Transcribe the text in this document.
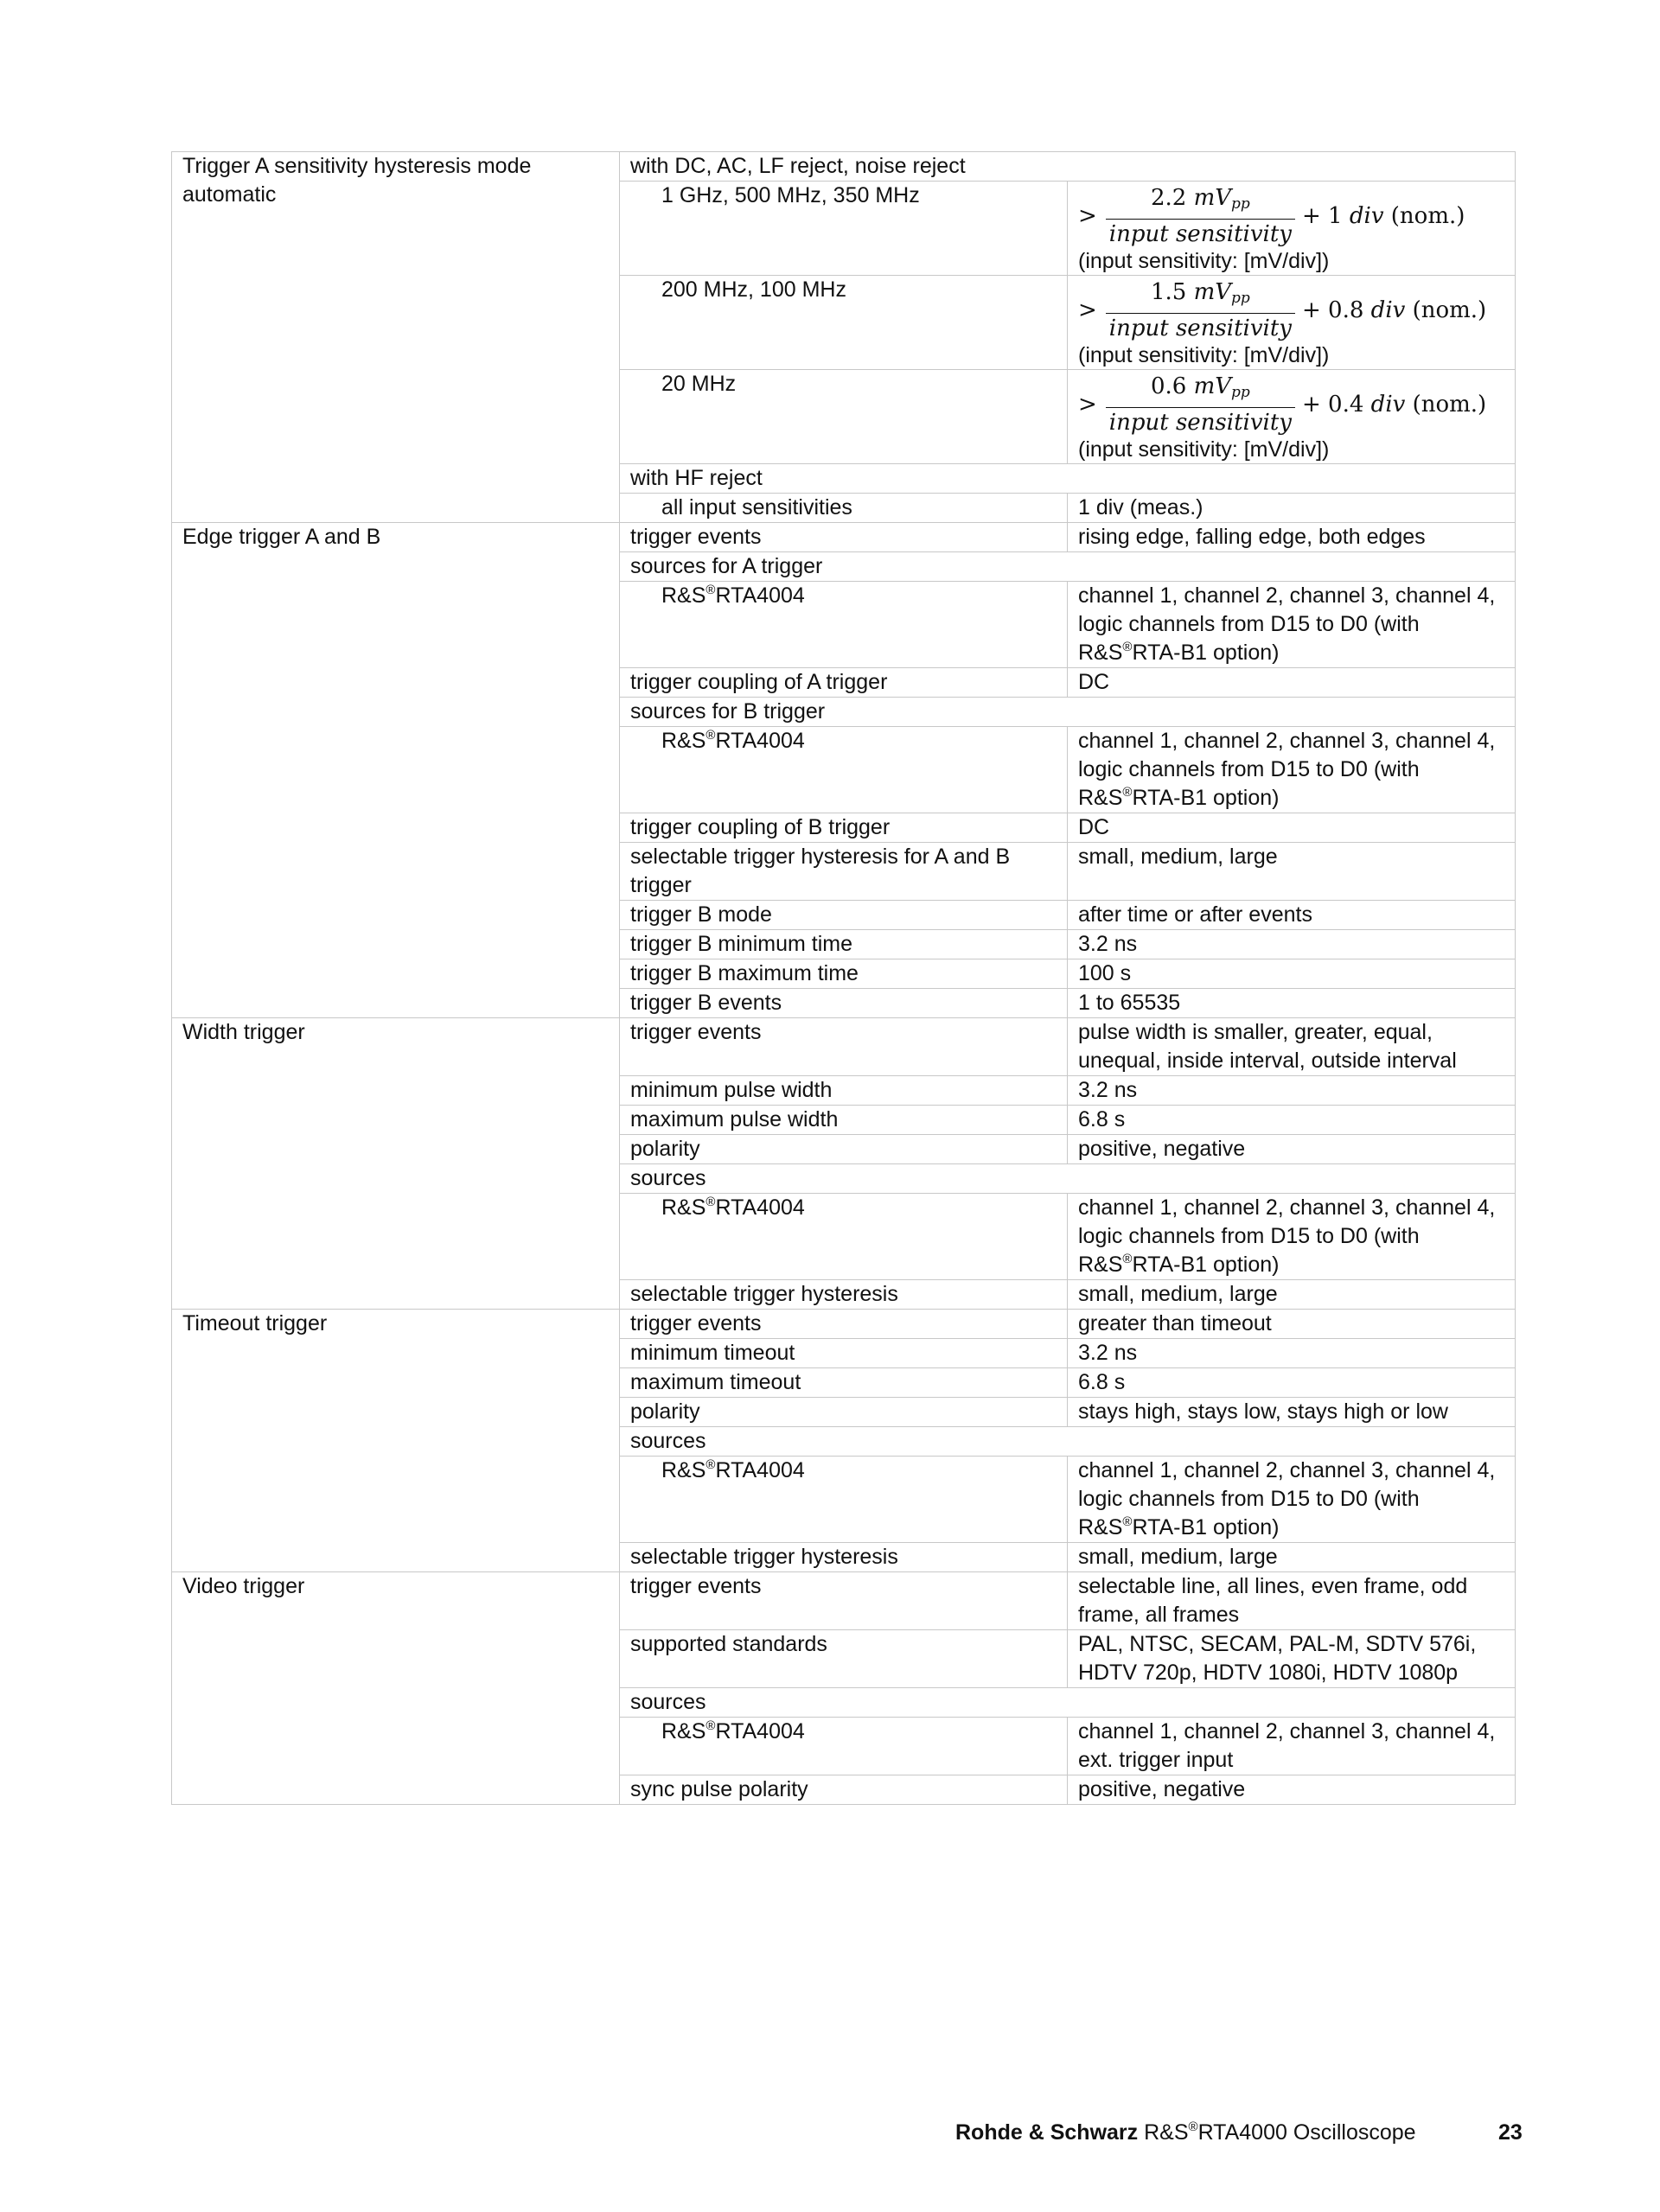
Trigger A sensitivity hysteresis mode automatic	with DC, AC, LF reject, noise reject	
	1 GHz, 500 MHz, 350 MHz	> $\frac{2.2 mV_{pp}}{\text{input sensitivity}} + 1$ div (nom.)
(input sensitivity: [mV/div])

	200 MHz, 100 MHz	> $\frac{1.5 mV_{pp}}{\text{input sensitivity}} + 0.8$ div (nom.)
(input sensitivity: [mV/div])

	20 MHz	> $\frac{0.6 mV_{pp}}{\text{input sensitivity}} + 0.4$ div (nom.)
(input sensitivity: [mV/div])

	with HF reject	
	all input sensitivities	1 div (meas.)
Edge trigger A and B	trigger events	rising edge, falling edge, both edges
	sources for A trigger	
	R&S®RTA4004	channel 1, channel 2, channel 3, channel 4, logic channels from D15 to D0 (with R&S®RTA-B1 option)
	trigger coupling of A trigger	DC
	sources for B trigger	
	R&S®RTA4004	channel 1, channel 2, channel 3, channel 4, logic channels from D15 to D0 (with R&S®RTA-B1 option)
	trigger coupling of B trigger	DC
	selectable trigger hysteresis for A and B trigger	small, medium, large
	trigger B mode	after time or after events
	trigger B minimum time	3.2 ns
	trigger B maximum time	100 s
	trigger B events	1 to 65535
Width trigger	trigger events	pulse width is smaller, greater, equal, unequal, inside interval, outside interval
	minimum pulse width	3.2 ns
	maximum pulse width	6.8 s
	polarity	positive, negative
	sources	
	R&S®RTA4004	channel 1, channel 2, channel 3, channel 4, logic channels from D15 to D0 (with R&S®RTA-B1 option)
	selectable trigger hysteresis	small, medium, large
Timeout trigger	trigger events	greater than timeout
	minimum timeout	3.2 ns
	maximum timeout	6.8 s
	polarity	stays high, stays low, stays high or low
	sources	
	R&S®RTA4004	channel 1, channel 2, channel 3, channel 4, logic channels from D15 to D0 (with R&S®RTA-B1 option)
	selectable trigger hysteresis	small, medium, large
Video trigger	trigger events	selectable line, all lines, even frame, odd frame, all frames
	supported standards	PAL, NTSC, SECAM, PAL-M, SDTV 576i, HDTV 720p, HDTV 1080i, HDTV 1080p
	sources	
	R&S®RTA4004	channel 1, channel 2, channel 3, channel 4, ext. trigger input
	sync pulse polarity	positive, negative
Rohde & Schwarz R&S®RTA4000 Oscilloscope	23
